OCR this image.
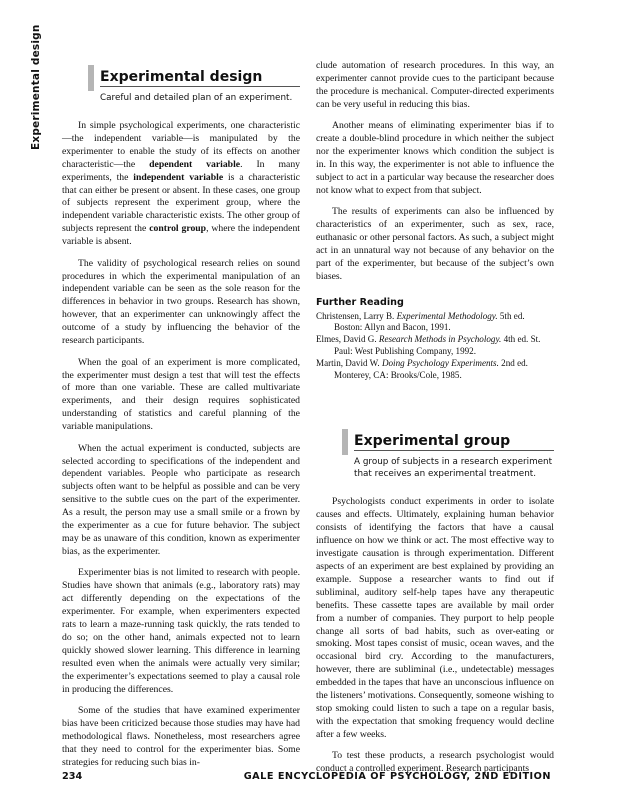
Experimental design	Experimental design
Careful and detailed plan of an experiment.

In simple psychological experiments, one characteristic—the independent variable—is manipulated by the experimenter to enable the study of its effects on another characteristic—the dependent variable. In many experiments, the independent variable is a characteristic that can either be present or absent. In these cases, one group of subjects represent the experiment group, where the independent variable characteristic exists. The other group of subjects represent the control group, where the independent variable is absent.

The validity of psychological research relies on sound procedures in which the experimental manipulation of an independent variable can be seen as the sole reason for the differences in behavior in two groups. Research has shown, however, that an experimenter can unknowingly affect the outcome of a study by influencing the behavior of the research participants.

When the goal of an experiment is more complicated, the experimenter must design a test that will test the effects of more than one variable. These are called multivariate experiments, and their design requires sophisticated understanding of statistics and careful planning of the variable manipulations.

When the actual experiment is conducted, subjects are selected according to specifications of the independent and dependent variables. People who participate as research subjects often want to be helpful as possible and can be very sensitive to the subtle cues on the part of the experimenter. As a result, the person may use a small smile or a frown by the experimenter as a cue for future behavior. The subject may be as unaware of this condition, known as experimenter bias, as the experimenter.

Experimenter bias is not limited to research with people. Studies have shown that animals (e.g., laboratory rats) may act differently depending on the expectations of the experimenter. For example, when experimenters expected rats to learn a maze-running task quickly, the rats tended to do so; on the other hand, animals expected not to learn quickly showed slower learning. This difference in learning resulted even when the animals were actually very similar; the experimenter’s expectations seemed to play a causal role in producing the differences.

Some of the studies that have examined experimenter bias have been criticized because those studies may have had methodological flaws. Nonetheless, most researchers agree that they need to control for the experimenter bias. Some strategies for reducing such bias in-

clude automation of research procedures. In this way, an experimenter cannot provide cues to the participant because the procedure is mechanical. Computer-directed experiments can be very useful in reducing this bias.

Another means of eliminating experimenter bias if to create a double-blind procedure in which neither the subject nor the experimenter knows which condition the subject is in. In this way, the experimenter is not able to influence the subject to act in a particular way because the researcher does not know what to expect from that subject.

The results of experiments can also be influenced by characteristics of an experimenter, such as sex, race, euthanasic or other personal factors. As such, a subject might act in an unnatural way not because of any behavior on the part of the experimenter, but because of the subject’s own biases.

Further Reading

Christensen, Larry B. Experimental Methodology. 5th ed. Boston: Allyn and Bacon, 1991.

Elmes, David G. Research Methods in Psychology. 4th ed. St. Paul: West Publishing Company, 1992.

Martin, David W. Doing Psychology Experiments. 2nd ed. Monterey, CA: Brooks/Cole, 1985.

Experimental group
A group of subjects in a research experiment that receives an experimental treatment.

Psychologists conduct experiments in order to isolate causes and effects. Ultimately, explaining human behavior consists of identifying the factors that have a causal influence on how we think or act. The most effective way to investigate causation is through experimentation. Different aspects of an experiment are best explained by providing an example. Suppose a researcher wants to find out if subliminal, auditory self-help tapes have any therapeutic benefits. These cassette tapes are available by mail order from a number of companies. They purport to help people change all sorts of bad habits, such as over-eating or smoking. Most tapes consist of music, ocean waves, and the occasional bird cry. According to the manufacturers, however, there are subliminal (i.e., undetectable) messages embedded in the tapes that have an unconscious influence on the listeners’ motivations. Consequently, someone wishing to stop smoking could listen to such a tape on a regular basis, with the expectation that smoking frequency would decline after a few weeks.

To test these products, a research psychologist would conduct a controlled experiment. Research participants

234	GALE ENCYCLOPEDIA OF PSYCHOLOGY, 2ND EDITION
